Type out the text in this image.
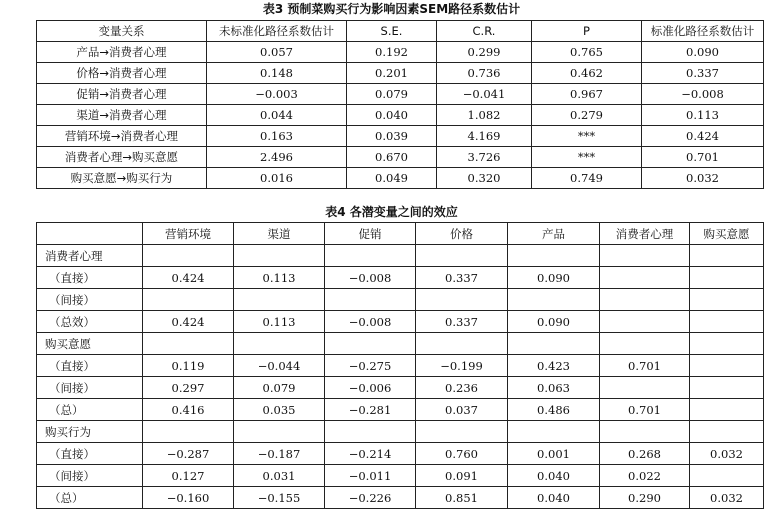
表3 预制菜购买行为影响因素SEM路径系数估计
变量关系	未标准化路径系数估计	S.E.	C.R.	P	标准化路径系数估计
产品→消费者心理	0.057	0.192	0.299	0.765	0.090
价格→消费者心理	0.148	0.201	0.736	0.462	0.337
促销→消费者心理	−0.003	0.079	−0.041	0.967	−0.008
渠道→消费者心理	0.044	0.040	1.082	0.279	0.113
营销环境→消费者心理	0.163	0.039	4.169	***	0.424
消费者心理→购买意愿	2.496	0.670	3.726	***	0.701
购买意愿→购买行为	0.016	0.049	0.320	0.749	0.032
表4 各潜变量之间的效应
	营销环境	渠道	促销	价格	产品	消费者心理	购买意愿
消费者心理							
（直接）	0.424	0.113	−0.008	0.337	0.090		
（间接）							
（总效）	0.424	0.113	−0.008	0.337	0.090		
购买意愿							
（直接）	0.119	−0.044	−0.275	−0.199	0.423	0.701	
（间接）	0.297	0.079	−0.006	0.236	0.063		
（总）	0.416	0.035	−0.281	0.037	0.486	0.701	
购买行为							
（直接）	−0.287	−0.187	−0.214	0.760	0.001	0.268	0.032
（间接）	0.127	0.031	−0.011	0.091	0.040	0.022	
（总）	−0.160	−0.155	−0.226	0.851	0.040	0.290	0.032
